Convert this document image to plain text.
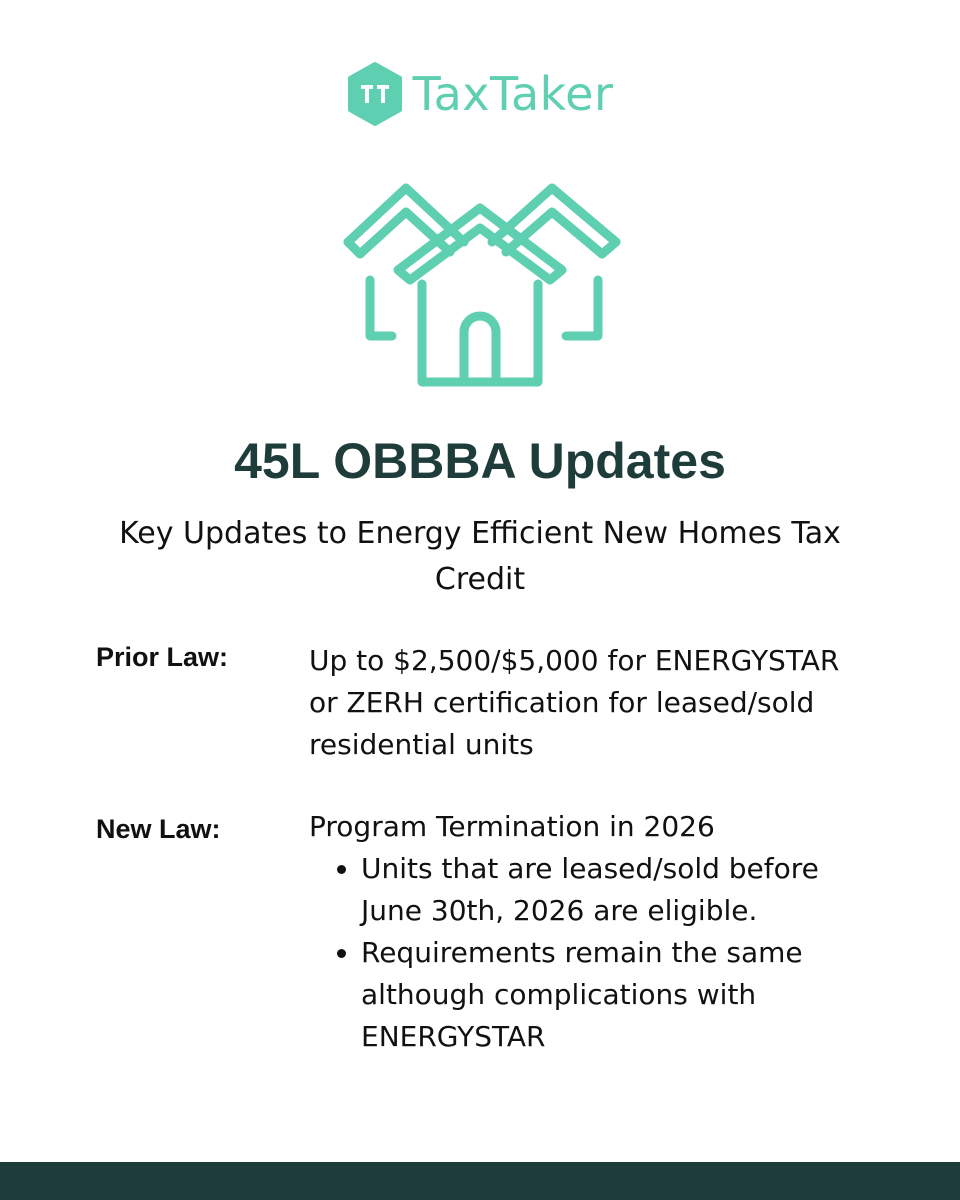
TaxTaker
45L OBBBA Updates
Key Updates to Energy Efficient New Homes Tax Credit
Prior Law:	Up to $2,500/$5,000 for ENERGYSTAR or ZERH certification for leased/sold residential units
New Law:	Program Termination in 2026
• Units that are leased/sold before June 30th, 2026 are eligible.
• Requirements remain the same although complications with ENERGYSTAR
